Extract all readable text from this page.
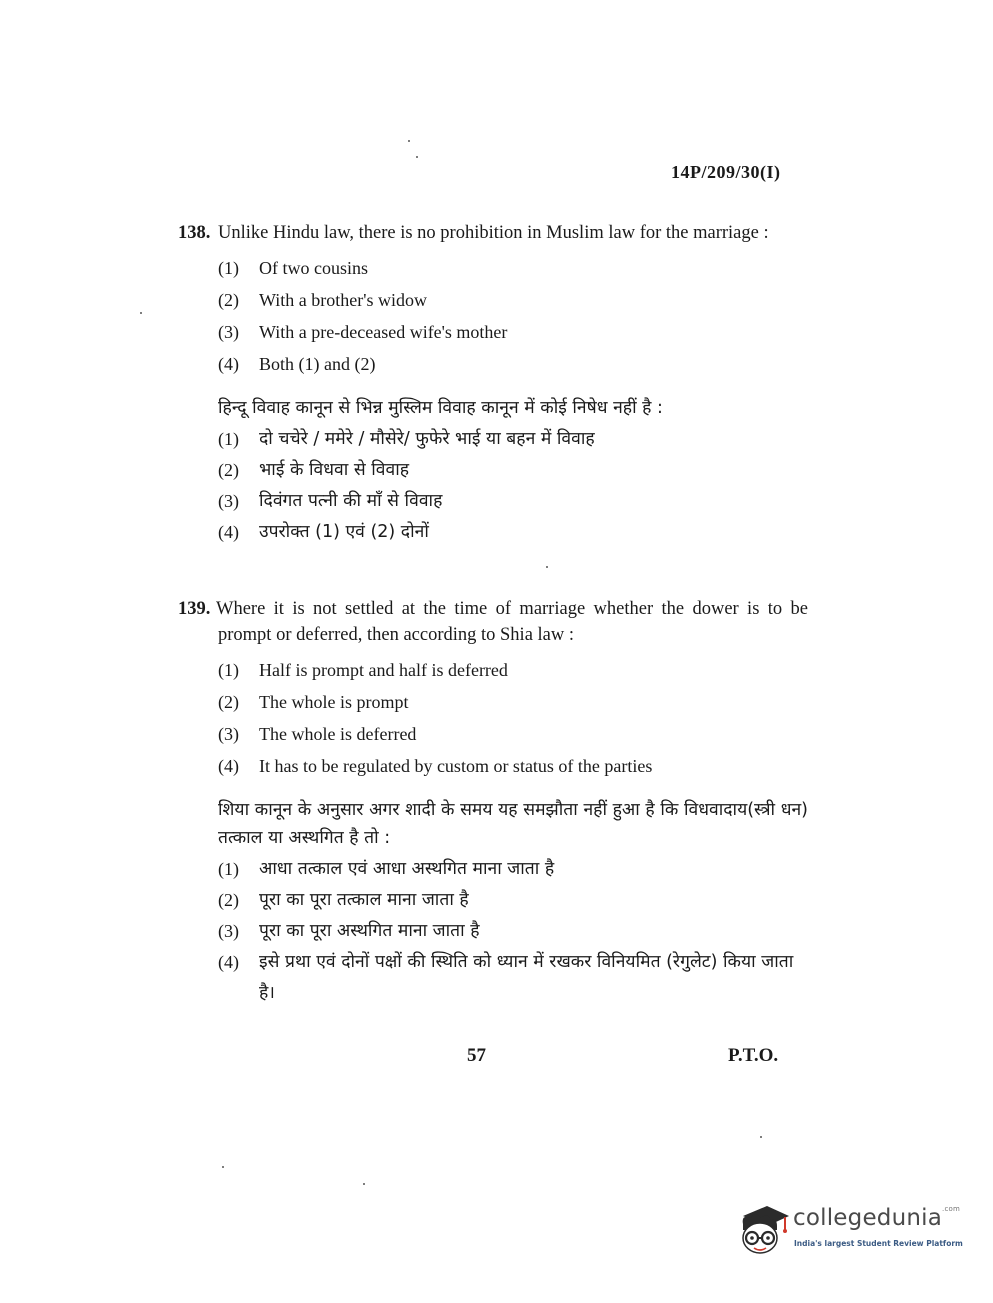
14P/209/30(I)
138. Unlike Hindu law, there is no prohibition in Muslim law for the marriage :
(1) Of two cousins
(2) With a brother's widow
(3) With a pre-deceased wife's mother
(4) Both (1) and (2)

हिन्दू विवाह कानून से भिन्न मुस्लिम विवाह कानून में कोई निषेध नहीं है :

(1)	दो चचेरे / ममेरे / मौसेरे/ फुफेरे भाई या बहन में विवाह
(2)	भाई के विधवा से विवाह
(3)	दिवंगत पत्नी की माँ से विवाह
(4)	उपरोक्त (1) एवं (2) दोनों
139. Where it is not settled at the time of marriage whether the dower is to be prompt or deferred, then according to Shia law :
(1) Half is prompt and half is deferred
(2) The whole is prompt
(3) The whole is deferred
(4) It has to be regulated by custom or status of the parties

शिया कानून के अनुसार अगर शादी के समय यह समझौता नहीं हुआ है कि विधवादाय(स्त्री धन) तत्काल या अस्थगित है तो :

(1)	आधा तत्काल एवं आधा अस्थगित माना जाता है
(2)	पूरा का पूरा तत्काल माना जाता है
(3)	पूरा का पूरा अस्थगित माना जाता है
(4)	इसे प्रथा एवं दोनों पक्षों की स्थिति को ध्यान में रखकर विनियमित (रेगुलेट) किया जाता है।
57	P.T.O.
collegedunia$^{.com}$
India's largest Student Review Platform
